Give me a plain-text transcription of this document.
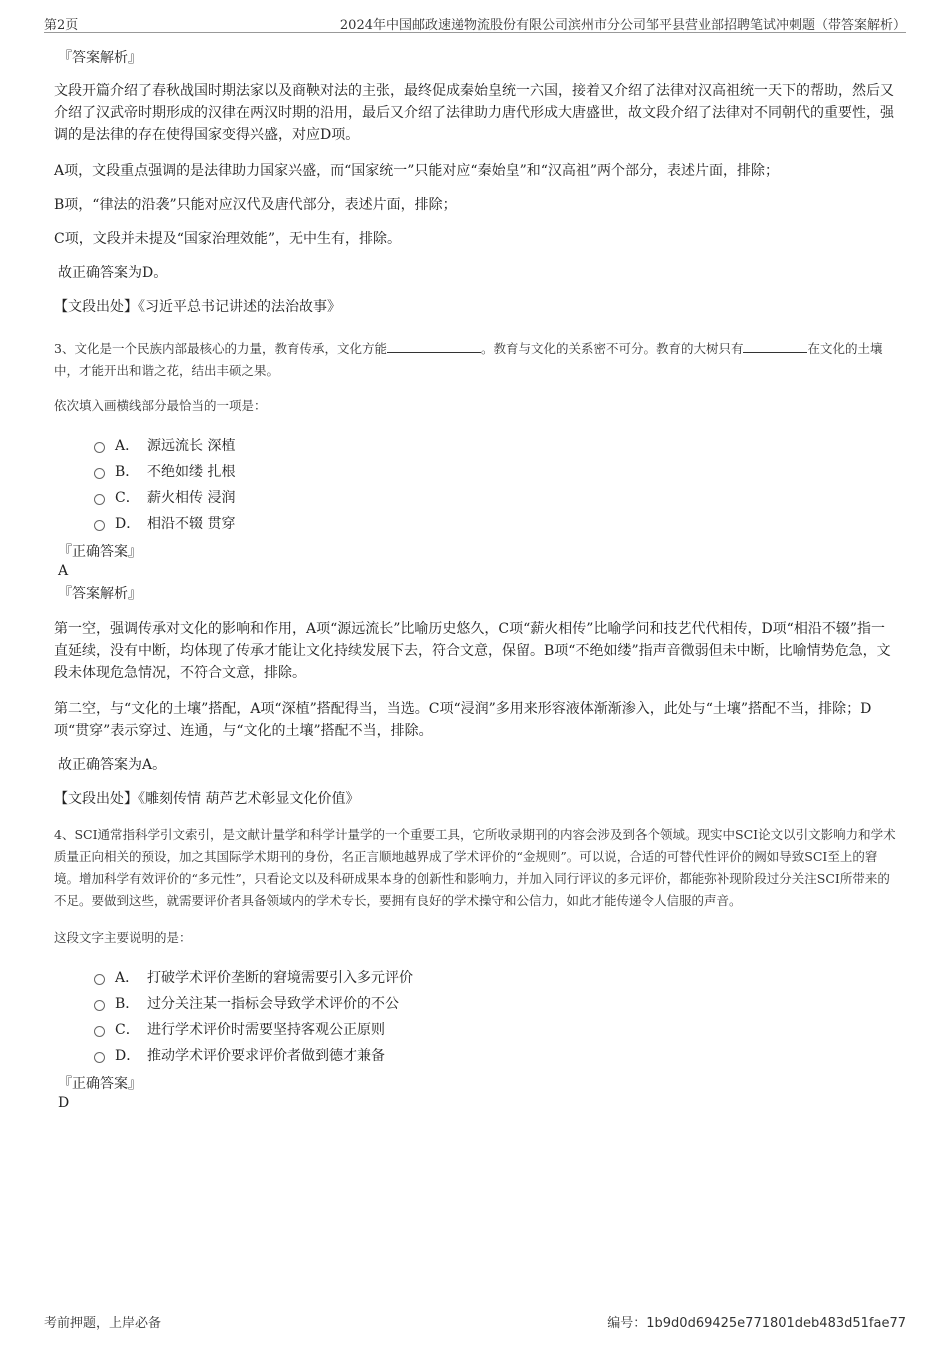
第2页	2024年中国邮政速递物流股份有限公司滨州市分公司邹平县营业部招聘笔试冲刺题（带答案解析）
『答案解析』

文段开篇介绍了春秋战国时期法家以及商鞅对法的主张，最终促成秦始皇统一六国，接着又介绍了法律对汉高祖统一天下的帮助，然后又介绍了汉武帝时期形成的汉律在两汉时期的沿用，最后又介绍了法律助力唐代形成大唐盛世，故文段介绍了法律对不同朝代的重要性，强调的是法律的存在使得国家变得兴盛，对应D项。

A项，文段重点强调的是法律助力国家兴盛，而“国家统一”只能对应“秦始皇”和“汉高祖”两个部分，表述片面，排除；

B项，“律法的沿袭”只能对应汉代及唐代部分，表述片面，排除；

C项，文段并未提及“国家治理效能”，无中生有，排除。

故正确答案为D。

【文段出处】《习近平总书记讲述的法治故事》

3、文化是一个民族内部最核心的力量，教育传承，文化方能	。教育与文化的关系密不可分。教育的大树只有	在文化的土壤中，才能开出和谐之花，结出丰硕之果。

依次填入画横线部分最恰当的一项是：
A． 源远流长 深植
B． 不绝如缕 扎根
C． 薪火相传 浸润
D． 相沿不辍 贯穿
『正确答案』
A
『答案解析』

第一空，强调传承对文化的影响和作用，A项“源远流长”比喻历史悠久，C项“薪火相传”比喻学问和技艺代代相传，D项“相沿不辍”指一直延续，没有中断，均体现了传承才能让文化持续发展下去，符合文意，保留。B项“不绝如缕”指声音微弱但未中断，比喻情势危急，文段未体现危急情况，不符合文意，排除。

第二空，与“文化的土壤”搭配，A项“深植”搭配得当，当选。C项“浸润”多用来形容液体渐渐渗入，此处与“土壤”搭配不当，排除；D项“贯穿”表示穿过、连通，与“文化的土壤”搭配不当，排除。

故正确答案为A。

【文段出处】《雕刻传情 葫芦艺术彰显文化价值》

4、SCI通常指科学引文索引，是文献计量学和科学计量学的一个重要工具，它所收录期刊的内容会涉及到各个领域。现实中SCI论文以引文影响力和学术质量正向相关的预设，加之其国际学术期刊的身份，名正言顺地越界成了学术评价的“金规则”。可以说，合适的可替代性评价的阙如导致SCI至上的窘境。增加科学有效评价的“多元性”，只看论文以及科研成果本身的创新性和影响力，并加入同行评议的多元评价，都能弥补现阶段过分关注SCI所带来的不足。要做到这些，就需要评价者具备领域内的学术专长，要拥有良好的学术操守和公信力，如此才能传递令人信服的声音。

这段文字主要说明的是：
A． 打破学术评价垄断的窘境需要引入多元评价
B． 过分关注某一指标会导致学术评价的不公
C． 进行学术评价时需要坚持客观公正原则
D． 推动学术评价要求评价者做到德才兼备
『正确答案』
D
考前押题，上岸必备	编号：1b9d0d69425e771801deb483d51fae77
